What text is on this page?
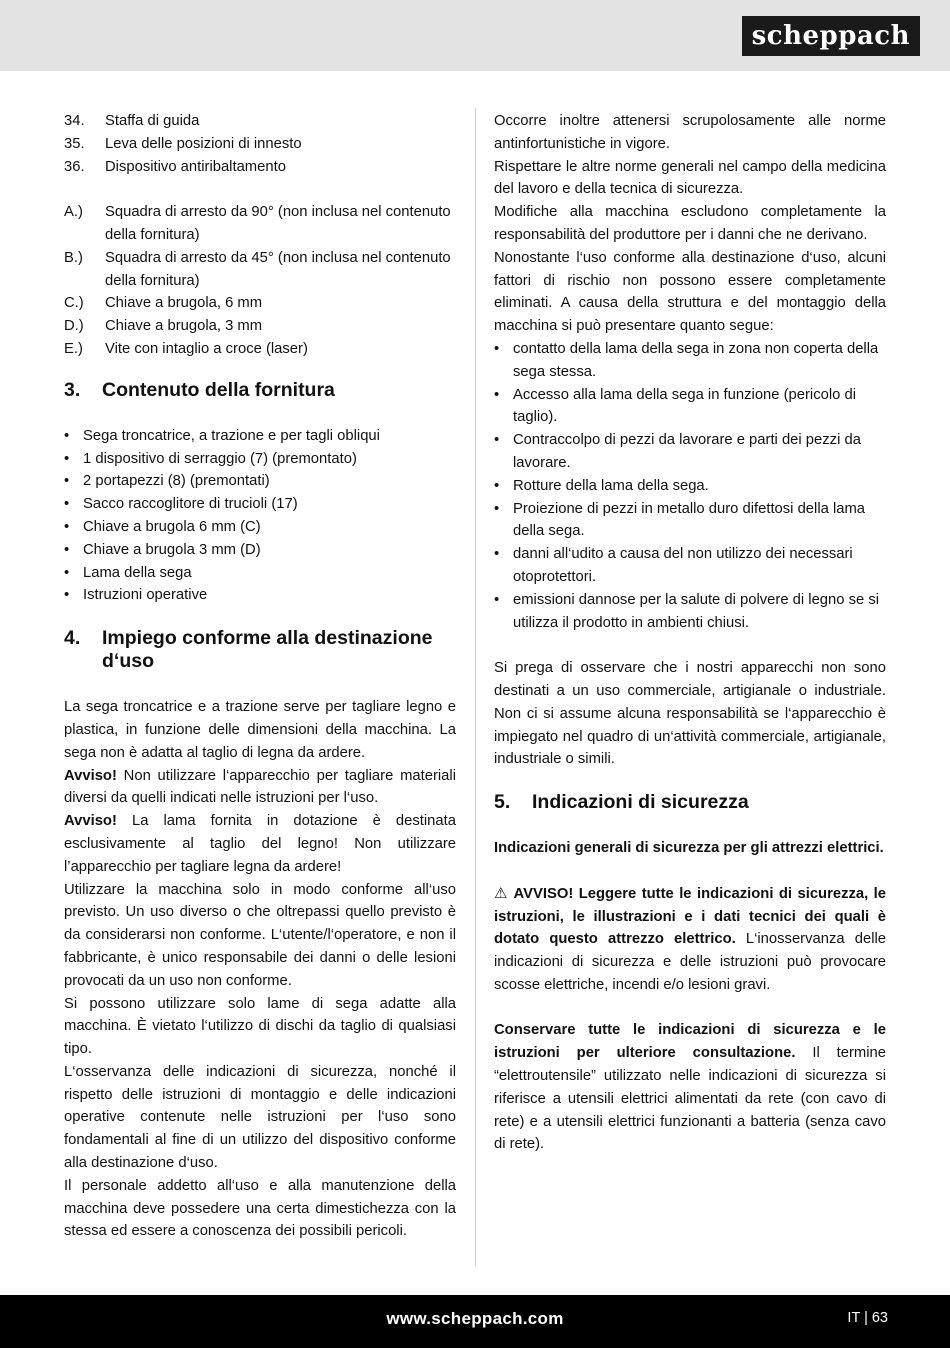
scheppach
34.	Staffa di guida
35.	Leva delle posizioni di innesto
36.	Dispositivo antiribaltamento
A.)	Squadra di arresto da 90° (non inclusa nel contenuto della fornitura)
B.)	Squadra di arresto da 45° (non inclusa nel contenuto della fornitura)
C.)	Chiave a brugola, 6 mm
D.)	Chiave a brugola, 3 mm
E.)	Vite con intaglio a croce (laser)
3.	Contenuto della fornitura
• Sega troncatrice, a trazione e per tagli obliqui
• 1 dispositivo di serraggio (7) (premontato)
• 2 portapezzi (8) (premontati)
• Sacco raccoglitore di trucioli (17)
• Chiave a brugola 6 mm (C)
• Chiave a brugola 3 mm (D)
• Lama della sega
• Istruzioni operative
4.	Impiego conforme alla destinazione d‘uso

La sega troncatrice e a trazione serve per tagliare legno e plastica, in funzione delle dimensioni della macchina. La sega non è adatta al taglio di legna da ardere.

Avviso! Non utilizzare l‘apparecchio per tagliare materiali diversi da quelli indicati nelle istruzioni per l‘uso.

Avviso! La lama fornita in dotazione è destinata esclusivamente al taglio del legno! Non utilizzare l’apparecchio per tagliare legna da ardere!

Utilizzare la macchina solo in modo conforme all‘uso previsto. Un uso diverso o che oltrepassi quello previsto è da considerarsi non conforme. L‘utente/l‘operatore, e non il fabbricante, è unico responsabile dei danni o delle lesioni provocati da un uso non conforme.

Si possono utilizzare solo lame di sega adatte alla macchina. È vietato l‘utilizzo di dischi da taglio di qualsiasi tipo.

L‘osservanza delle indicazioni di sicurezza, nonché il rispetto delle istruzioni di montaggio e delle indicazioni operative contenute nelle istruzioni per l‘uso sono fondamentali al fine di un utilizzo del dispositivo conforme alla destinazione d‘uso.

Il personale addetto all‘uso e alla manutenzione della macchina deve possedere una certa dimestichezza con la stessa ed essere a conoscenza dei possibili pericoli.

Occorre inoltre attenersi scrupolosamente alle norme antinfortunistiche in vigore.

Rispettare le altre norme generali nel campo della medicina del lavoro e della tecnica di sicurezza.

Modifiche alla macchina escludono completamente la responsabilità del produttore per i danni che ne derivano.

Nonostante l‘uso conforme alla destinazione d‘uso, alcuni fattori di rischio non possono essere completamente eliminati. A causa della struttura e del montaggio della macchina si può presentare quanto segue:

• contatto della lama della sega in zona non coperta della sega stessa.
• Accesso alla lama della sega in funzione (pericolo di taglio).
• Contraccolpo di pezzi da lavorare e parti dei pezzi da lavorare.
• Rotture della lama della sega.
• Proiezione di pezzi in metallo duro difettosi della lama della sega.
• danni all‘udito a causa del non utilizzo dei necessari otoprotettori.
• emissioni dannose per la salute di polvere di legno se si utilizza il prodotto in ambienti chiusi.

Si prega di osservare che i nostri apparecchi non sono destinati a un uso commerciale, artigianale o industriale. Non ci si assume alcuna responsabilità se l‘apparecchio è impiegato nel quadro di un‘attività commerciale, artigianale, industriale o simili.

5.	Indicazioni di sicurezza

Indicazioni generali di sicurezza per gli attrezzi elettrici.

⚠ AVVISO! Leggere tutte le indicazioni di sicurezza, le istruzioni, le illustrazioni e i dati tecnici dei quali è dotato questo attrezzo elettrico. L‘inosservanza delle indicazioni di sicurezza e delle istruzioni può provocare scosse elettriche, incendi e/o lesioni gravi.

Conservare tutte le indicazioni di sicurezza e le istruzioni per ulteriore consultazione. Il termine “elettroutensile” utilizzato nelle indicazioni di sicurezza si riferisce a utensili elettrici alimentati da rete (con cavo di rete) e a utensili elettrici funzionanti a batteria (senza cavo di rete).

www.scheppach.com	IT | 63
